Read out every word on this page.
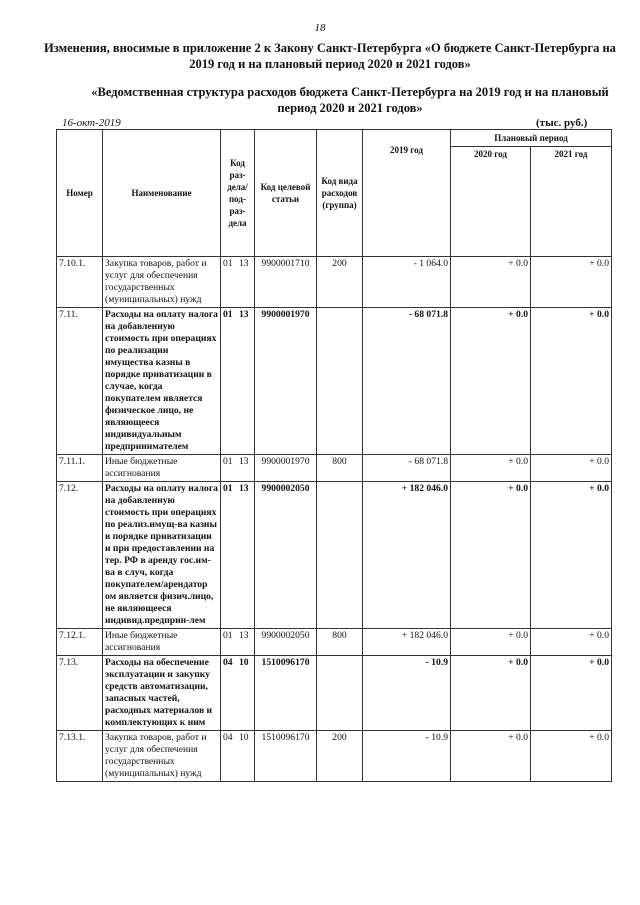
18
Изменения, вносимые в приложение 2 к Закону Санкт-Петербурга «О бюджете Санкт-Петербурга на 2019 год и на плановый период 2020 и 2021 годов»
«Ведомственная структура расходов бюджета Санкт-Петербурга на 2019 год и на плановый период 2020 и 2021 годов»
16-окт-2019	(тыс. руб.)
Номер	Наименование	Код раз-дела/ под-раз-дела	Код целевой статьи	Код вида расходов (группа)	2019 год	Плановый период	
						2020 год	2021 год
7.10.1.	Закупка товаров, работ и услуг для обеспечения государственных (муниципальных) нужд	01 13	9900001710	200	- 1 064.0	+ 0.0	+ 0.0
7.11.	Расходы на оплату налога на добавленную стоимость при операциях по реализации имущества казны в порядке приватизации в случае, когда покупателем является физическое лицо, не являющееся индивидуальным предпринимателем	01 13	9900001970		- 68 071.8	+ 0.0	+ 0.0
7.11.1.	Иные бюджетные ассигнования	01 13	9900001970	800	- 68 071.8	+ 0.0	+ 0.0
7.12.	Расходы на оплату налога на добавленную стоимость при операциях по реализ.имущ-ва казны в порядке приватизации и при предоставлении на тер. РФ в аренду гос.им-ва в случ, когда покупателем/арендатор ом является физич.лицо, не являющееся индивид.предприн-лем	01 13	9900002050		+ 182 046.0	+ 0.0	+ 0.0
7.12.1.	Иные бюджетные ассигнования	01 13	9900002050	800	+ 182 046.0	+ 0.0	+ 0.0
7.13.	Расходы на обеспечение эксплуатации и закупку средств автоматизации, запасных частей, расходных материалов и комплектующих к ним	04 10	1510096170		- 10.9	+ 0.0	+ 0.0
7.13.1.	Закупка товаров, работ и услуг для обеспечения государственных (муниципальных) нужд	04 10	1510096170	200	- 10.9	+ 0.0	+ 0.0
